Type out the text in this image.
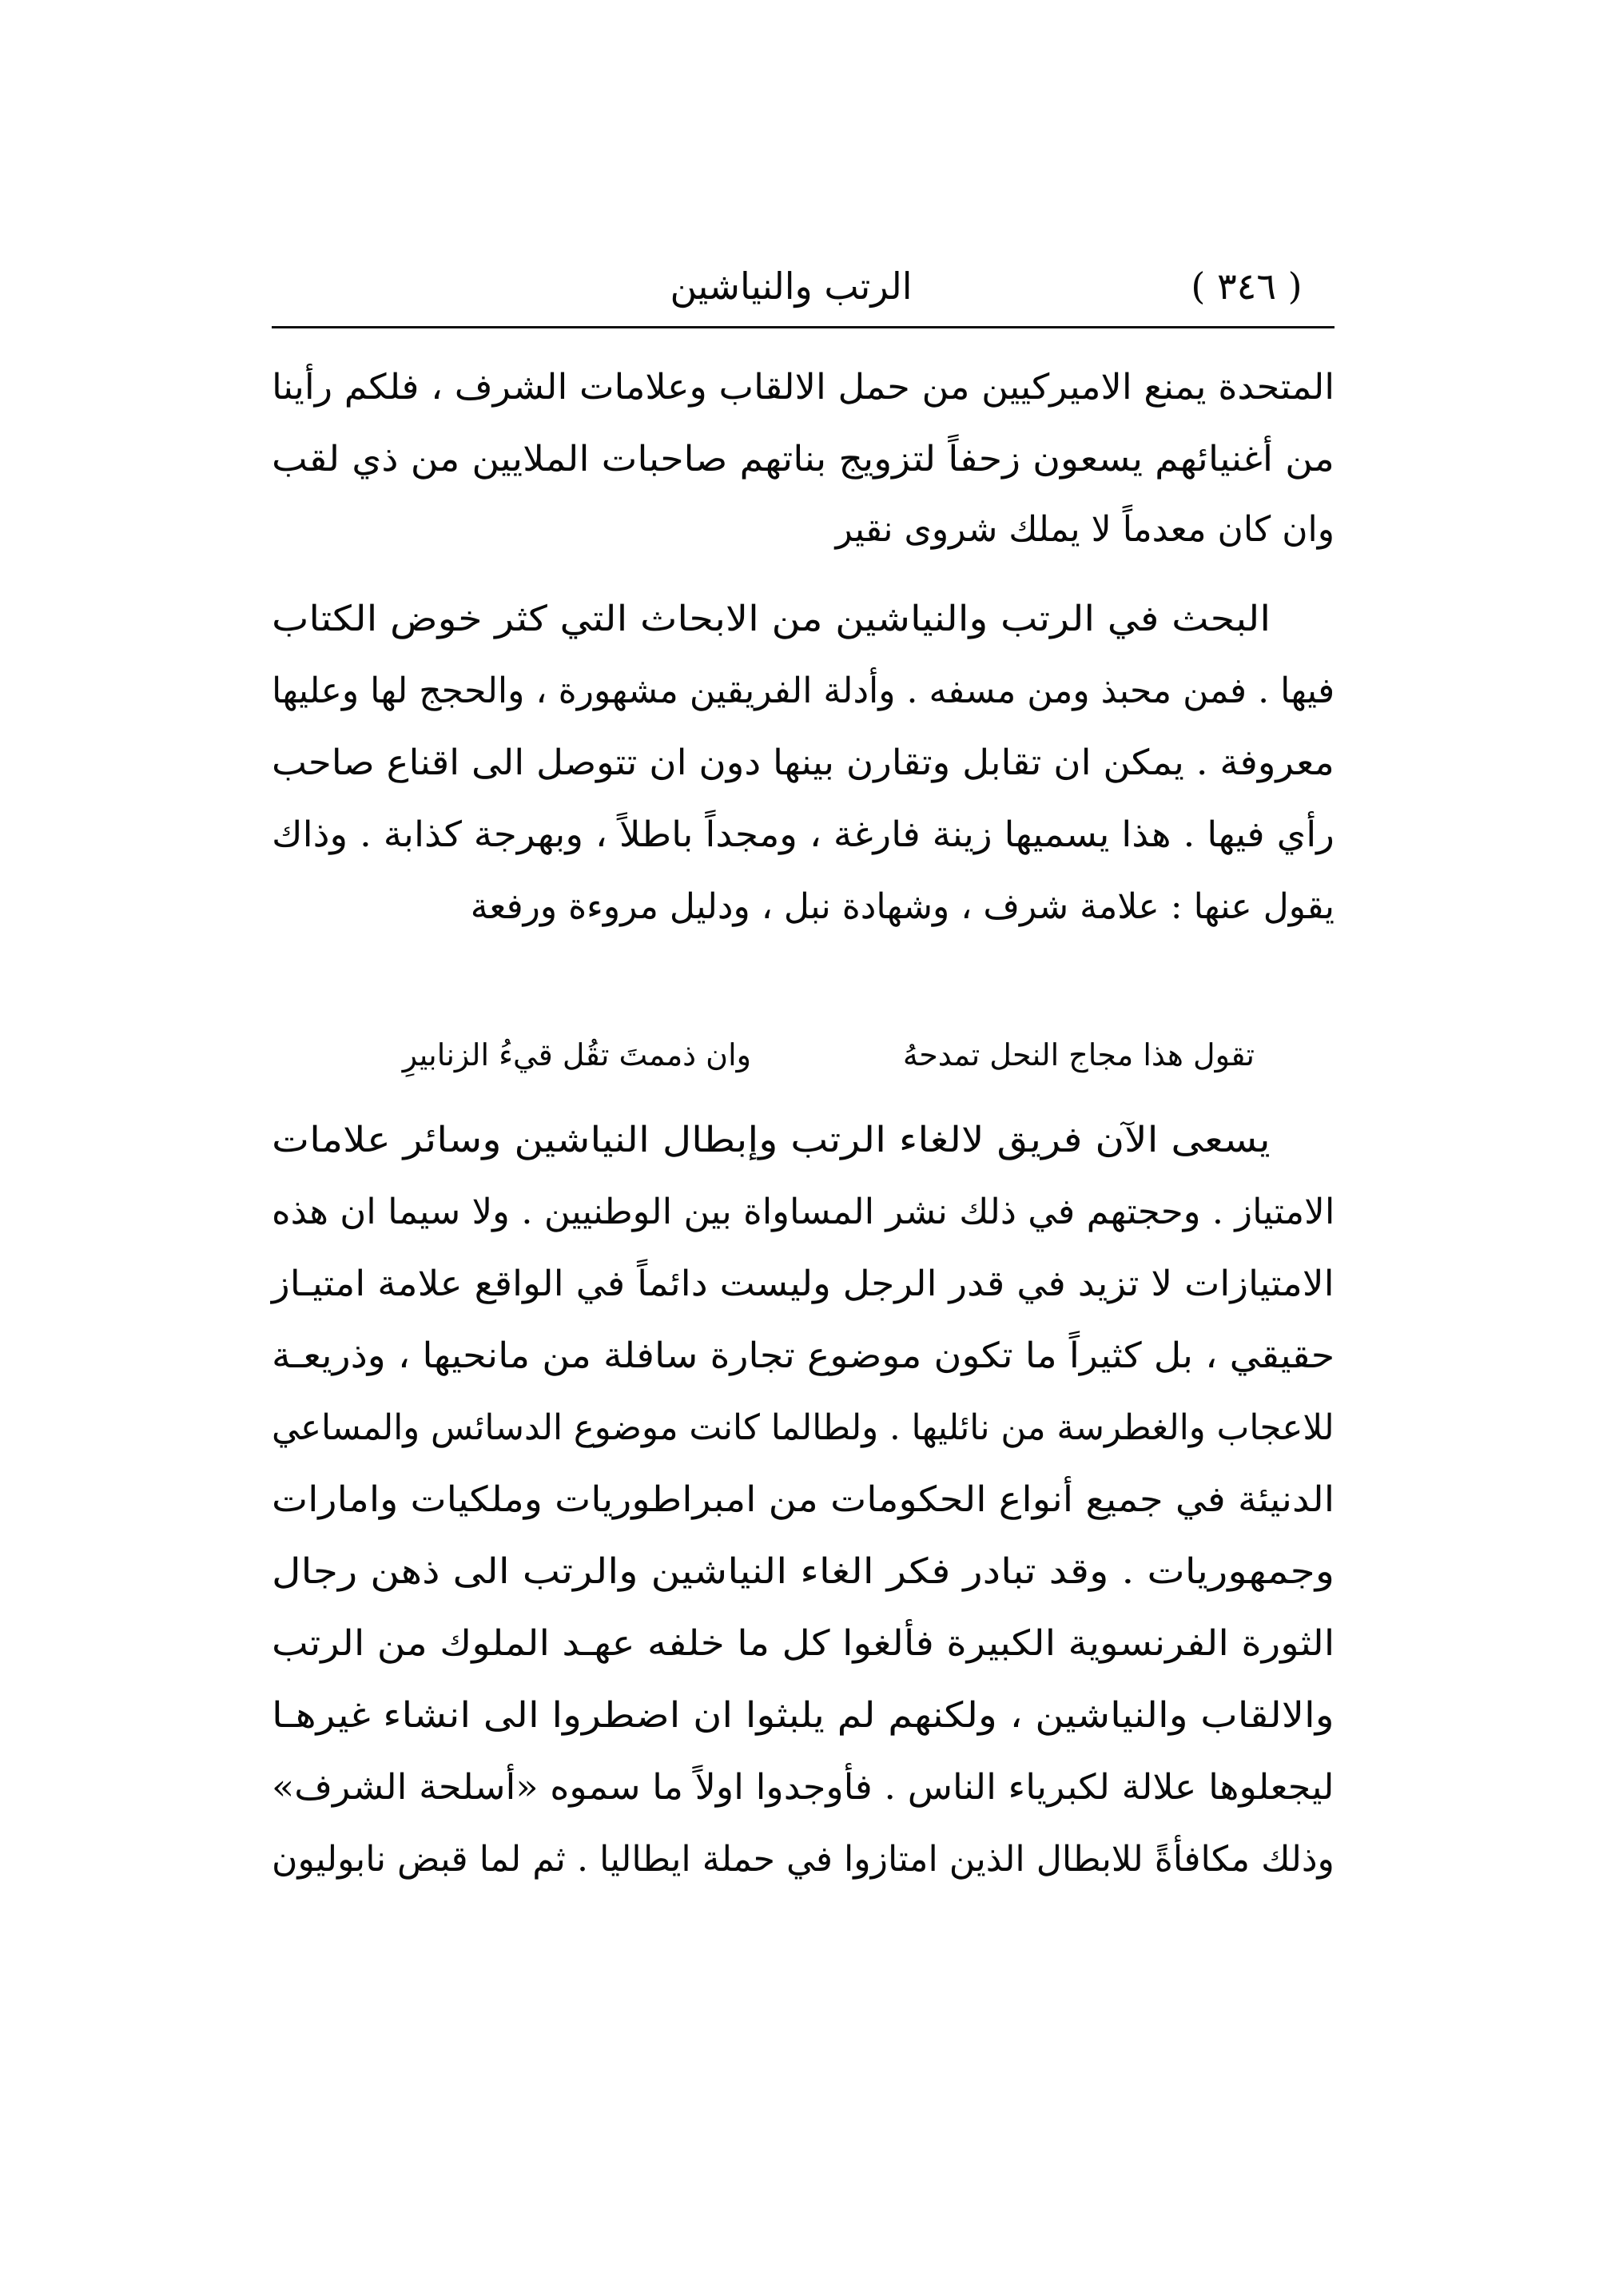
الرتب والنياشين	( ٣٤٦ )
المتحدة يمنع الاميركيين من حمل الالقاب وعلامات الشرف ، فلكم رأينا
من أغنيائهم يسعون زحفاً لتزويج بناتهم صاحبات الملايين من ذي لقب
وان كان معدماً لا يملك شروى نقير
البحث في الرتب والنياشين من الابحاث التي كثر خوض الكتاب
فيها . فمن محبذ ومن مسفه . وأدلة الفريقين مشهورة ، والحجج لها وعليها
معروفة . يمكن ان تقابل وتقارن بينها دون ان تتوصل الى اقناع صاحب
رأي فيها . هذا يسميها زينة فارغة ، ومجداً باطلاً ، وبهرجة كذابة . وذاك
يقول عنها : علامة شرف ، وشهادة نبل ، ودليل مروءة ورفعة
تقول هذا مجاج النحل تمدحهُ
وان ذممتَ تقُل قيءُ الزنابيرِ
يسعى الآن فريق لالغاء الرتب وإبطال النياشين وسائر علامات
الامتياز . وحجتهم في ذلك نشر المساواة بين الوطنيين . ولا سيما ان هذه
الامتيازات لا تزيد في قدر الرجل وليست دائماً في الواقع علامة امتيـاز
حقيقي ، بل كثيراً ما تكون موضوع تجارة سافلة من مانحيها ، وذريعـة
للاعجاب والغطرسة من نائليها . ولطالما كانت موضوع الدسائس والمساعي
الدنيئة في جميع أنواع الحكومات من امبراطوريات وملكيات وامارات
وجمهوريات . وقد تبادر فكر الغاء النياشين والرتب الى ذهن رجال
الثورة الفرنسوية الكبيرة فألغوا كل ما خلفه عهـد الملوك من الرتب
والالقاب والنياشين ، ولكنهم لم يلبثوا ان اضطروا الى انشاء غيرهـا
ليجعلوها علالة لكبرياء الناس . فأوجدوا اولاً ما سموه «أسلحة الشرف»
وذلك مكافأةً للابطال الذين امتازوا في حملة ايطاليا . ثم لما قبض نابوليون
